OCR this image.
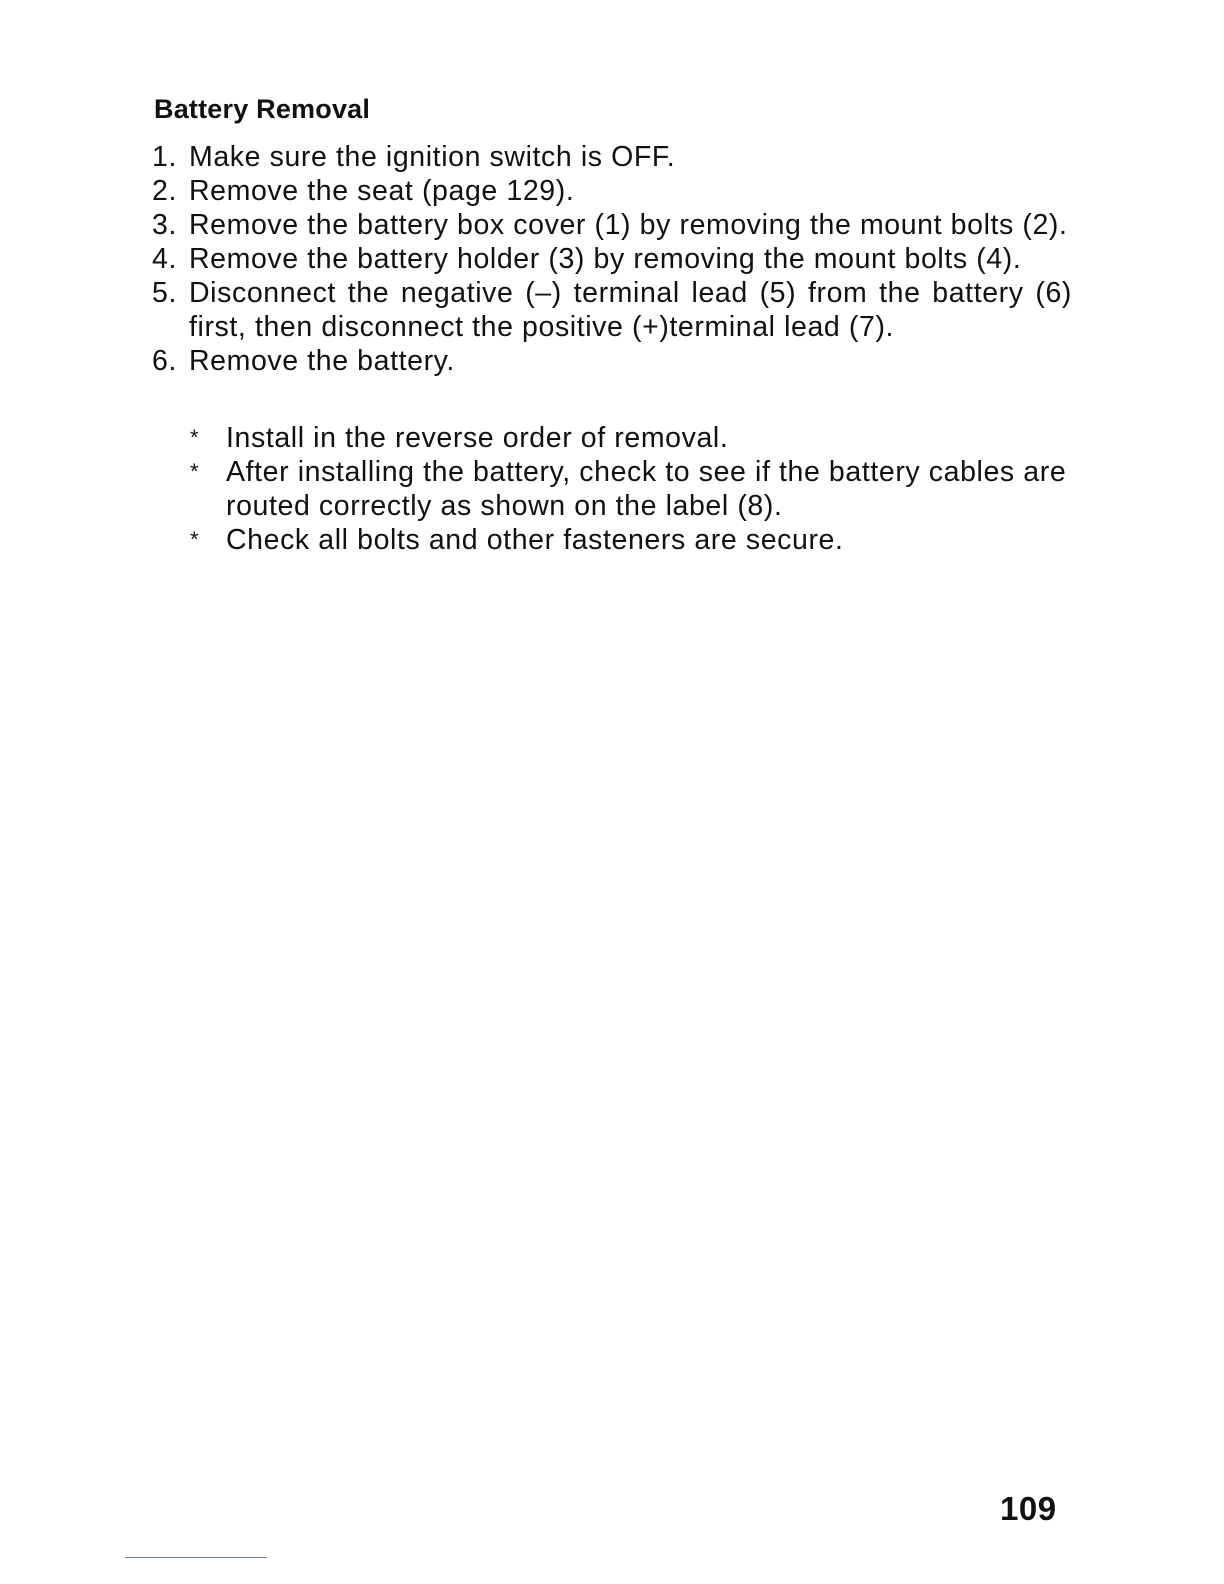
Battery Removal
1. Make sure the ignition switch is OFF.
2. Remove the seat (page 129).
3. Remove the battery box cover (1) by removing the mount bolts (2).
4. Remove the battery holder (3) by removing the mount bolts (4).
5. Disconnect the negative (–) terminal lead (5) from the battery (6) first, then disconnect the positive (+)terminal lead (7).
6. Remove the battery.
* Install in the reverse order of removal.
* After installing the battery, check to see if the battery cables are routed correctly as shown on the label (8).
* Check all bolts and other fasteners are secure.
109
